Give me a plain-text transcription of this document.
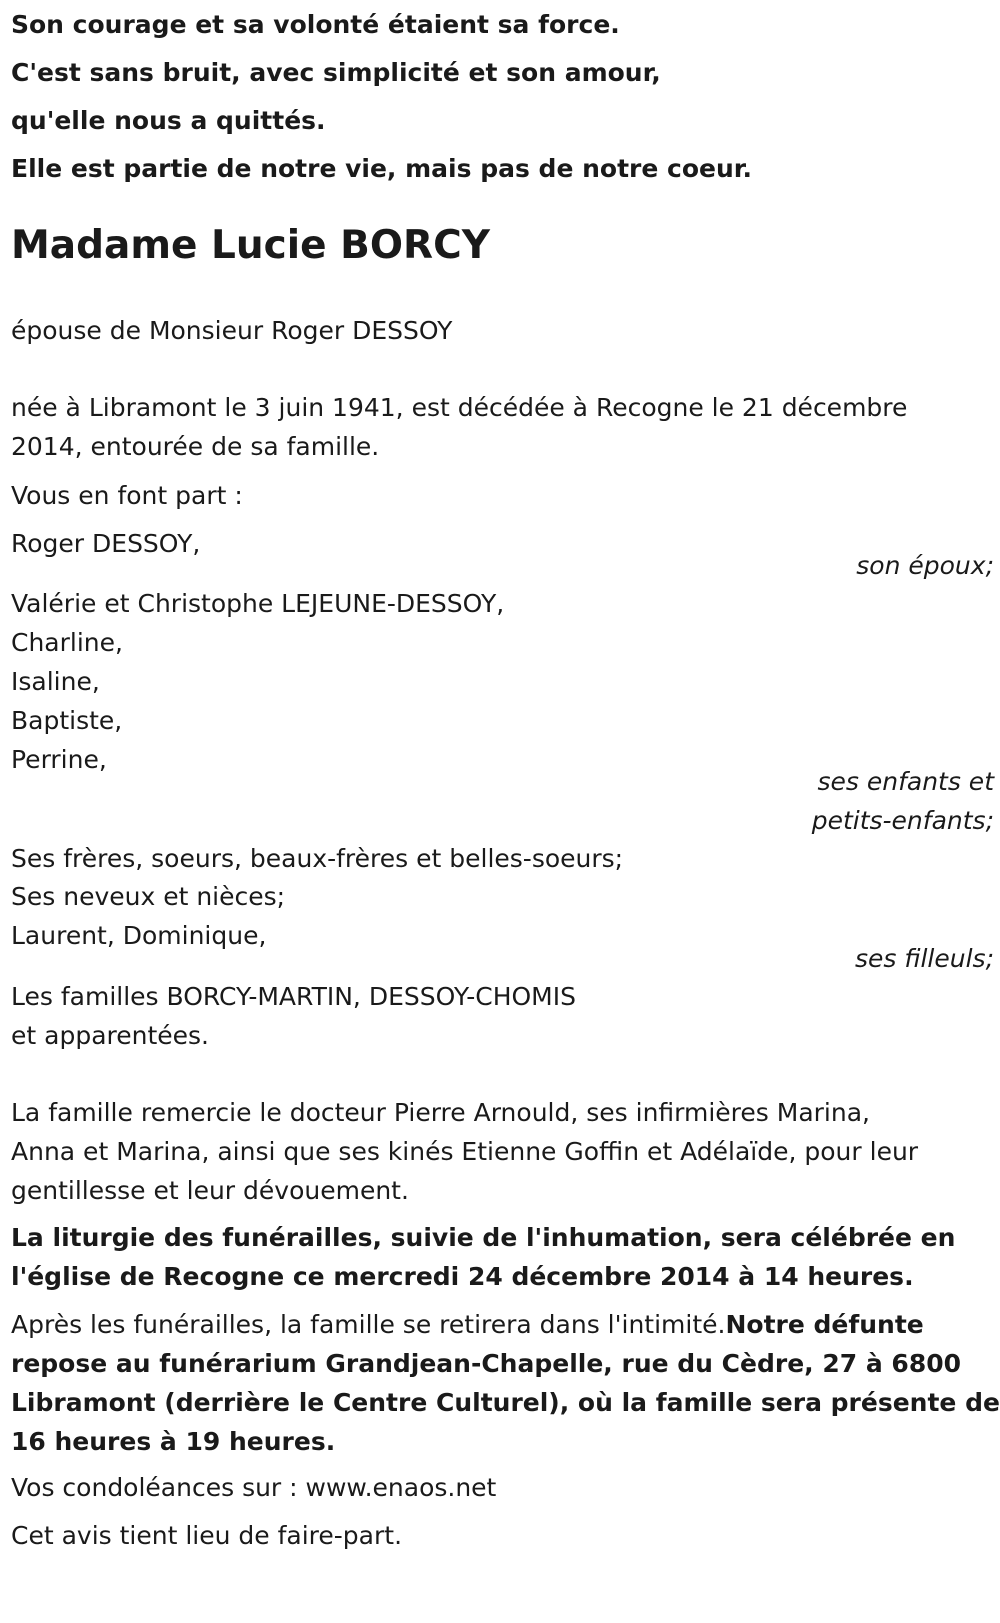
Son courage et sa volonté étaient sa force.
C'est sans bruit, avec simplicité et son amour,
qu'elle nous a quittés.
Elle est partie de notre vie, mais pas de notre coeur.
Madame Lucie BORCY
épouse de Monsieur Roger DESSOY
née à Libramont le 3 juin 1941, est décédée à Recogne le 21 décembre
2014, entourée de sa famille.
Vous en font part :
Roger DESSOY,
son époux;
Valérie et Christophe LEJEUNE-DESSOY,
Charline,
Isaline,
Baptiste,
Perrine,
ses enfants et
petits-enfants;
Ses frères, soeurs, beaux-frères et belles-soeurs;
Ses neveux et nièces;
Laurent, Dominique,
ses filleuls;
Les familles BORCY-MARTIN, DESSOY-CHOMIS
et apparentées.
La famille remercie le docteur Pierre Arnould, ses infirmières Marina,
Anna et Marina, ainsi que ses kinés Etienne Goffin et Adélaïde, pour leur
gentillesse et leur dévouement.
La liturgie des funérailles, suivie de l'inhumation, sera célébrée en
l'église de Recogne ce mercredi 24 décembre 2014 à 14 heures.
Après les funérailles, la famille se retirera dans l'intimité.Notre défunte
repose au funérarium Grandjean-Chapelle, rue du Cèdre, 27 à 6800
Libramont (derrière le Centre Culturel), où la famille sera présente de
16 heures à 19 heures.
Vos condoléances sur : www.enaos.net
Cet avis tient lieu de faire-part.
